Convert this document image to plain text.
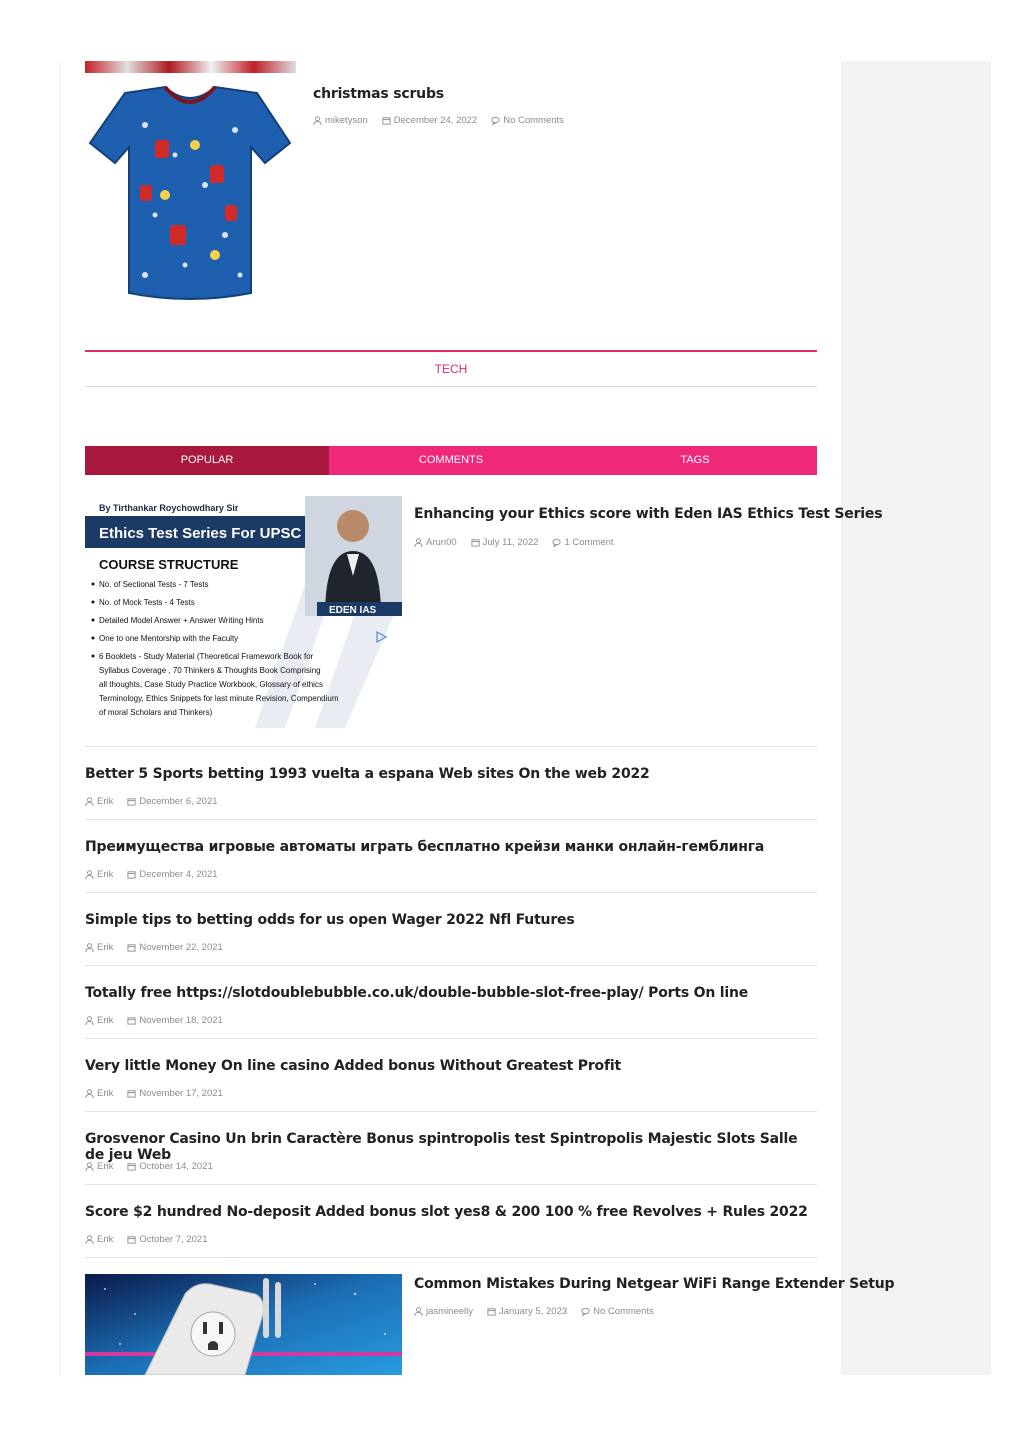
christmas scrubs
miketyson	December 24, 2022	No Comments
TECH
POPULAR	COMMENTS	TAGS
By Tirthankar Roychowdhary Sir
Ethics Test Series For UPSC
COURSE STRUCTURE
EDEN IAS
No. of Sectional Tests - 7 Tests
No. of Mock Tests - 4 Tests
Detailed Model Answer + Answer Writing Hints
One to one Mentorship with the Faculty
6 Booklets - Study Material (Theoretical Framework Book for
Syllabus Coverage , 70 Thinkers & Thoughts Book Comprising
all thoughts, Case Study Practice Workbook, Glossary of ethics
Terminology, Ethics Snippets for last minute Revision, Compendium
of moral Scholars and Thinkers)
Enhancing your Ethics score with Eden IAS Ethics Test Series
Arun00	July 11, 2022	1 Comment
Better 5 Sports betting 1993 vuelta a espana Web sites On the web 2022
Erik	December 6, 2021
Преимущества игровые автоматы играть бесплатно крейзи манки онлайн-гемблинга
Erik	December 4, 2021
Simple tips to betting odds for us open Wager 2022 Nfl Futures
Erik	November 22, 2021
Totally free https://slotdoublebubble.co.uk/double-bubble-slot-free-play/ Ports On line
Erik	November 18, 2021
Very little Money On line casino Added bonus Without Greatest Profit
Erik	November 17, 2021
Grosvenor Casino Un brin Caractère Bonus spintropolis test Spintropolis Majestic Slots Salle de jeu Web
Erik	October 14, 2021
Score $2 hundred No-deposit Added bonus slot yes8 & 200 100 % free Revolves + Rules 2022
Erik	October 7, 2021
Common Mistakes During Netgear WiFi Range Extender Setup
jasmineelly	January 5, 2023	No Comments
